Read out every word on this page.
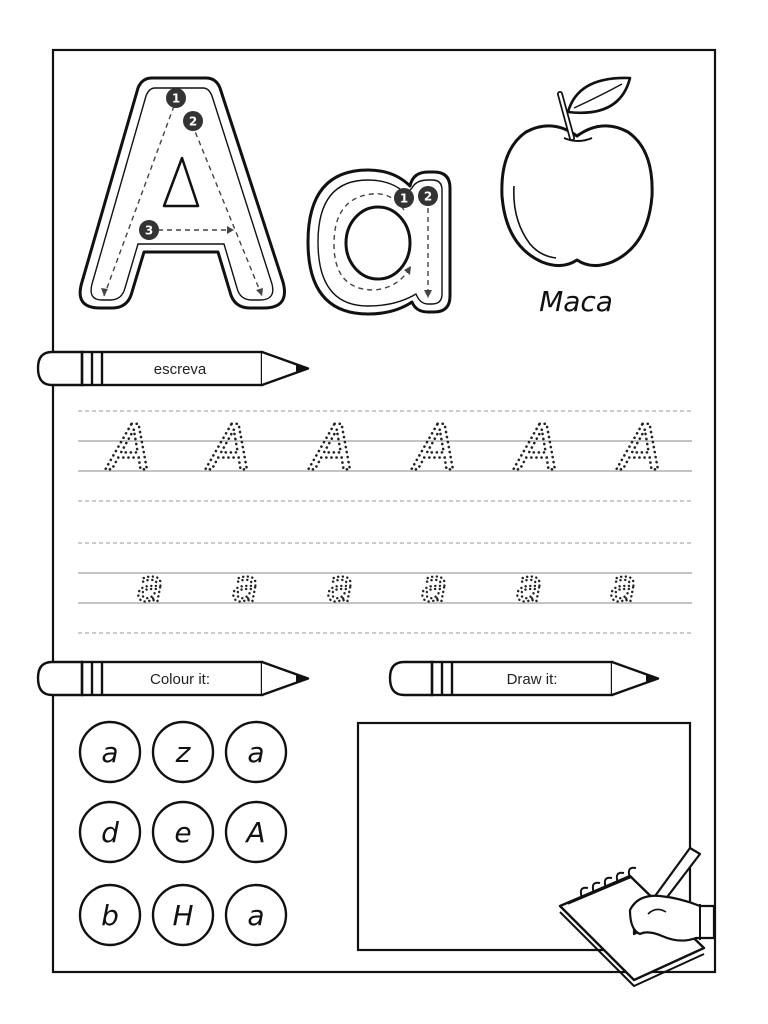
1
2
3
1 2
Maca
escreva
A A A A A A
a a a a a a
Colour it:	Draw it:
a z a
d e A
b H a
